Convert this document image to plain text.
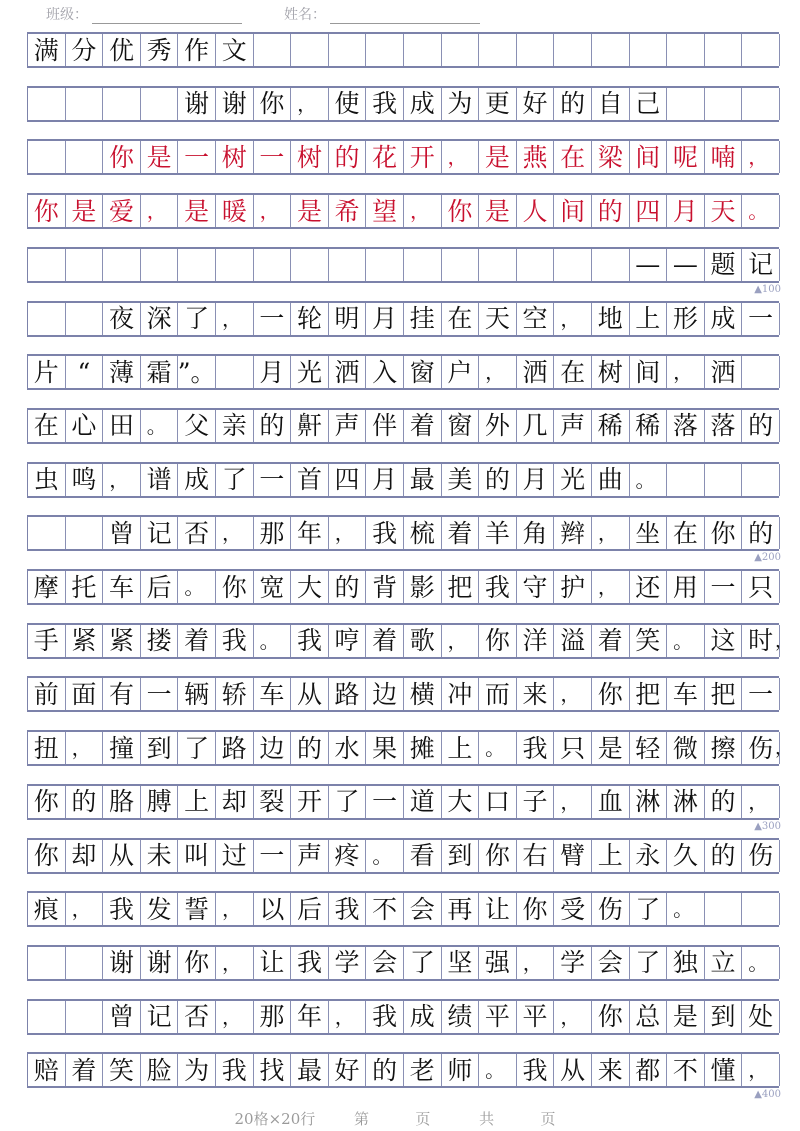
班级：	姓名：
满 分 优 秀 作 文
谢 谢 你 ， 使 我 成 为 更 好 的 自 己
你 是 一 树 一 树 的 花 开 ， 是 燕 在 梁 间 呢 喃 ，
你 是 爱 ， 是 暖 ， 是 希 望 ， 你 是 人 间 的 四 月 天 。
— — 题 记
▲100
夜 深 了 ， 一 轮 明 月 挂 在 天 空 ， 地 上 形 成 一
片 “ 薄 霜 ”。 月 光 洒 入 窗 户 ， 洒 在 树 间 ， 洒
在 心 田 。 父 亲 的 鼾 声 伴 着 窗 外 几 声 稀 稀 落 落 的
虫 鸣 ， 谱 成 了 一 首 四 月 最 美 的 月 光 曲 。
曾 记 否 ， 那 年 ， 我 梳 着 羊 角 辫 ， 坐 在 你 的
▲200
摩 托 车 后 。 你 宽 大 的 背 影 把 我 守 护 ， 还 用 一 只
手 紧 紧 搂 着 我 。 我 哼 着 歌 ， 你 洋 溢 着 笑 。 这 时 ，
前 面 有 一 辆 轿 车 从 路 边 横 冲 而 来 ， 你 把 车 把 一
扭 ， 撞 到 了 路 边 的 水 果 摊 上 。 我 只 是 轻 微 擦 伤 ，
你 的 胳 膊 上 却 裂 开 了 一 道 大 口 子 ， 血 淋 淋 的 ，
▲300
你 却 从 未 叫 过 一 声 疼 。 看 到 你 右 臂 上 永 久 的 伤
痕 ， 我 发 誓 ， 以 后 我 不 会 再 让 你 受 伤 了 。
谢 谢 你 ， 让 我 学 会 了 坚 强 ， 学 会 了 独 立 。
曾 记 否 ， 那 年 ， 我 成 绩 平 平 ， 你 总 是 到 处
赔 着 笑 脸 为 我 找 最 好 的 老 师 。 我 从 来 都 不 懂 ，
▲400
20格×20行	第	页	共	页
